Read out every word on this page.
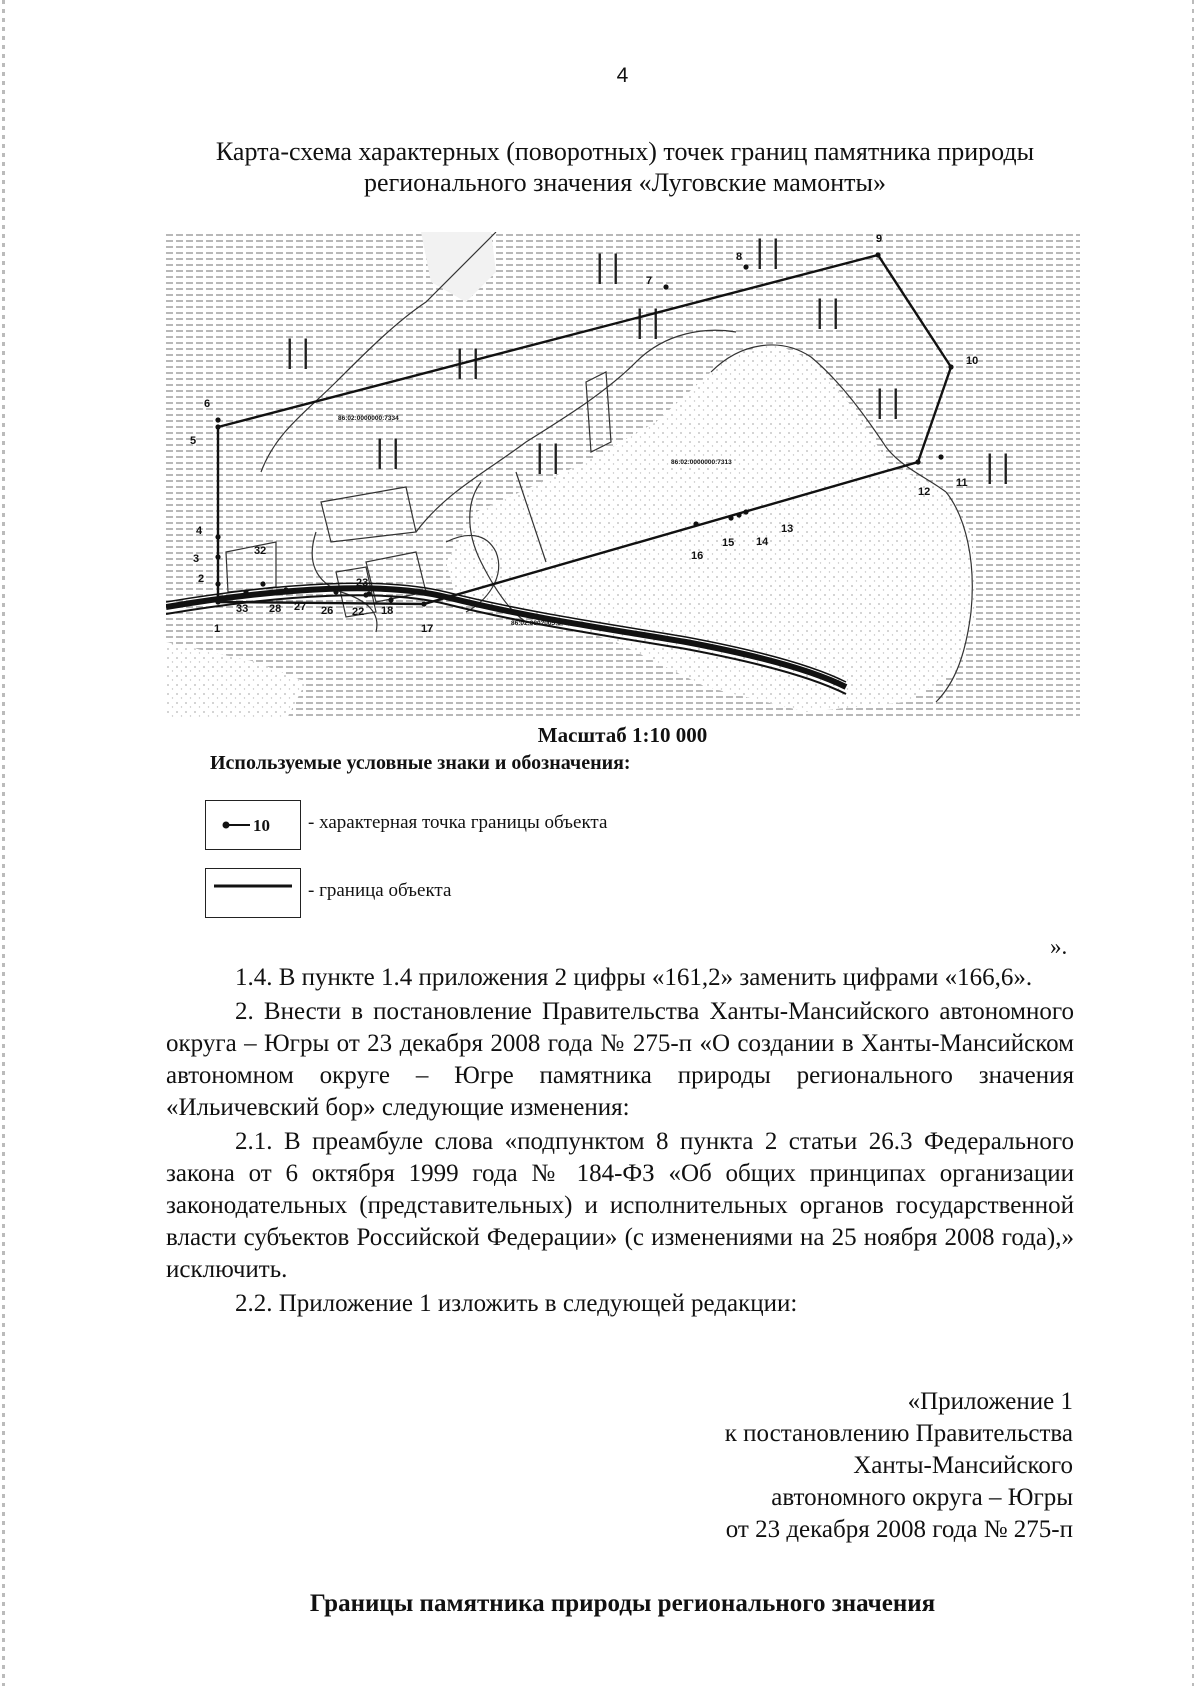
4
Карта-схема характерных (поворотных) точек границ памятника природы
регионального значения «Луговские мамонты»
| |	| |
| |	| |
| |
| |
| |
| |
| |
| |
1
2
3
4
5
6
7
8
9
10
11
12
13
14
15
16
17
18
22
23
26
27
28
32
33
86:02:0000000:7334
86:02:0000000:7313
86:02:0802005:6
Масштаб 1:10 000
Используемые условные знаки и обозначения:
10 - характерная точка границы объекта
- граница объекта
».

1.4. В пункте 1.4 приложения 2 цифры «161,2» заменить цифрами «166,6».

2. Внести в постановление Правительства Ханты-Мансийского автономного округа – Югры от 23 декабря 2008 года № 275-п «О создании в Ханты-Мансийском автономном округе – Югре памятника природы регионального значения «Ильичевский бор» следующие изменения:

2.1. В преамбуле слова «подпунктом 8 пункта 2 статьи 26.3 Федерального закона от 6 октября 1999 года № 184-ФЗ «Об общих принципах организации законодательных (представительных) и исполнительных органов государственной власти субъектов Российской Федерации» (с изменениями на 25 ноября 2008 года),» исключить.

2.2. Приложение 1 изложить в следующей редакции:

«Приложение 1
к постановлению Правительства
Ханты-Мансийского
автономного округа – Югры
от 23 декабря 2008 года № 275-п
Границы памятника природы регионального значения
